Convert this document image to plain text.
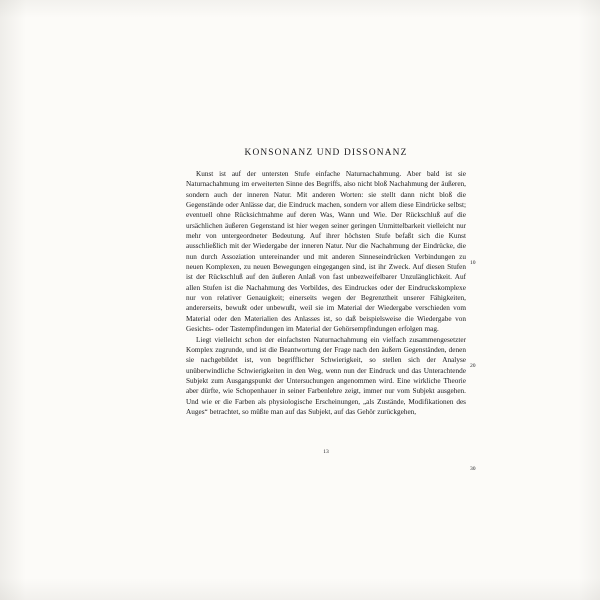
KONSONANZ UND DISSONANZ

Kunst ist auf der untersten Stufe einfache Naturnachahmung. Aber bald ist sie Naturnachahmung im erweiterten Sinne des Begriffs, also nicht bloß Nachahmung der äußeren, sondern auch der inneren Natur. Mit anderen Worten: sie stellt dann nicht bloß die Gegenstände oder Anlässe dar, die Eindruck machen, sondern vor allem diese Eindrücke selbst; eventuell ohne Rücksichtnahme auf deren Was, Wann und Wie. Der Rückschluß auf die ursächlichen äußeren Gegenstand ist hier wegen seiner geringen Unmittelbarkeit vielleicht nur mehr von untergeordneter Bedeutung. Auf ihrer höchsten Stufe befaßt sich die Kunst ausschließlich mit der Wiedergabe der inneren Natur. Nur die Nachahmung der Eindrücke, die nun durch Assoziation untereinander und mit anderen Sinneseindrücken Verbindungen zu neuen Komplexen, zu neuen Bewegungen eingegangen sind, ist ihr Zweck. Auf diesen Stufen ist der Rückschluß auf den äußeren Anlaß von fast unbezweifelbarer Unzulänglichkeit. Auf allen Stufen ist die Nachahmung des Vorbildes, des Eindruckes oder der Eindruckskomplexe nur von relativer Genauigkeit; einerseits wegen der Begrenztheit unserer Fähigkeiten, andererseits, bewußt oder unbewußt, weil sie im Material der Wiedergabe verschieden vom Material oder den Materialien des Anlasses ist, so daß beispielsweise die Wiedergabe von Gesichts- oder Tastempfindungen im Material der Gehörsempfindungen erfolgen mag.

Liegt vielleicht schon der einfachsten Naturnachahmung ein vielfach zusammengesetzter Komplex zugrunde, und ist die Beantwortung der Frage nach den äußern Gegenständen, denen sie nachgebildet ist, von begrifflicher Schwierigkeit, so stellen sich der Analyse unüberwindliche Schwierigkeiten in den Weg, wenn nun der Eindruck und das Unterachtende Subjekt zum Ausgangspunkt der Untersuchungen angenommen wird. Eine wirkliche Theorie aber dürfte, wie Schopenhauer in seiner Farbenlehre zeigt, immer nur vom Subjekt ausgehen. Und wie er die Farben als physiologische Erscheinungen, „als Zustände, Modifikationen des Auges“ betrachtet, so müßte man auf das Subjekt, auf das Gehör zurückgehen,

10
20
30
13
